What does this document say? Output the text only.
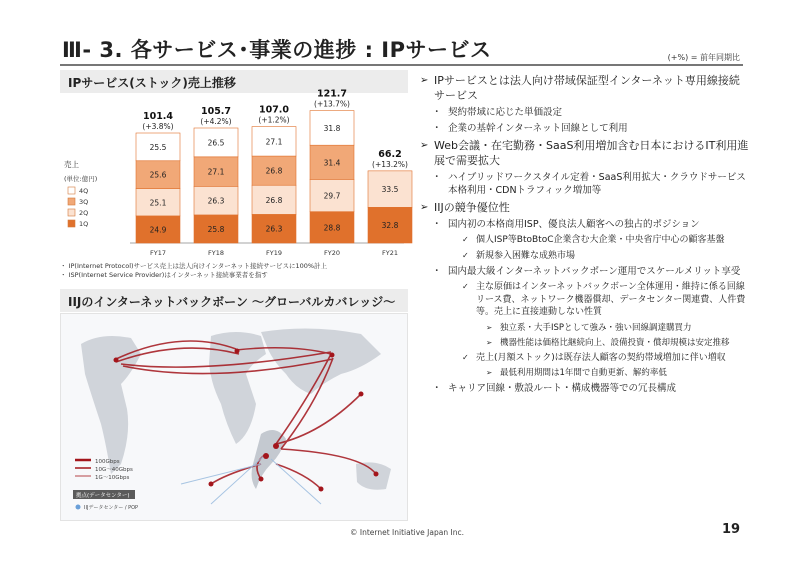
Ⅲ- 3. 各サービス･事業の進捗 : IPサービス	(+%) = 前年同期比
IPサービス(ストック)売上推移
売上
(単位:億円)
4Q
3Q
2Q
1Q
24.9
25.1
25.6
25.5
101.4
(+3.8%)
FY17
25.8
26.3
27.1
26.5
105.7
(+4.2%)
FY18
26.3
26.8
26.8
27.1
107.0
(+1.2%)
FY19
28.8
29.7
31.4
31.8
121.7
(+13.7%)
FY20
32.8
33.5
66.2
(+13.2%)
FY21
・ IP(Internet Protocol)サービス売上は法人向けインターネット接続サービスに100%計上
・ ISP(Internet Service Provider)はインターネット接続事業者を指す
IIJのインターネットバックボーン ～グローバルカバレッジ～
100Gbps
10G〜40Gbps
1G〜10Gbps
拠点(データセンター)
IIJデータセンター / POP
➢ IPサービスとは法人向け帯域保証型インターネット専用線接続サービス
・ 契約帯域に応じた単価設定
・ 企業の基幹インターネット回線として利用
➢ Web会議・在宅勤務・SaaS利用増加含む日本におけるIT利用進展で需要拡大
・ ハイブリッドワークスタイル定着・SaaS利用拡大・クラウドサービス本格利用・CDNトラフィック増加等
➢ IIJの競争優位性
・ 国内初の本格商用ISP、優良法人顧客への独占的ポジション
✓ 個人ISP等BtoBtoC企業含む大企業・中央省庁中心の顧客基盤
✓ 新規参入困難な成熟市場
・ 国内最大級インターネットバックボーン運用でスケールメリット享受
✓ 主な原価はインターネットバックボーン全体運用・維持に係る回線リース費、ネットワーク機器償却、データセンター関連費、人件費等。売上に直接連動しない性質
➢ 独立系・大手ISPとして強み・強い回線調達購買力
➢ 機器性能は価格比継続向上、設備投資・償却規模は安定推移
✓ 売上(月額ストック)は既存法人顧客の契約帯域増加に伴い増収
➢ 最低利用期間は1年間で自動更新、解約率低
・ キャリア回線・敷設ルート・構成機器等での冗長構成
© Internet Initiative Japan Inc.	19
